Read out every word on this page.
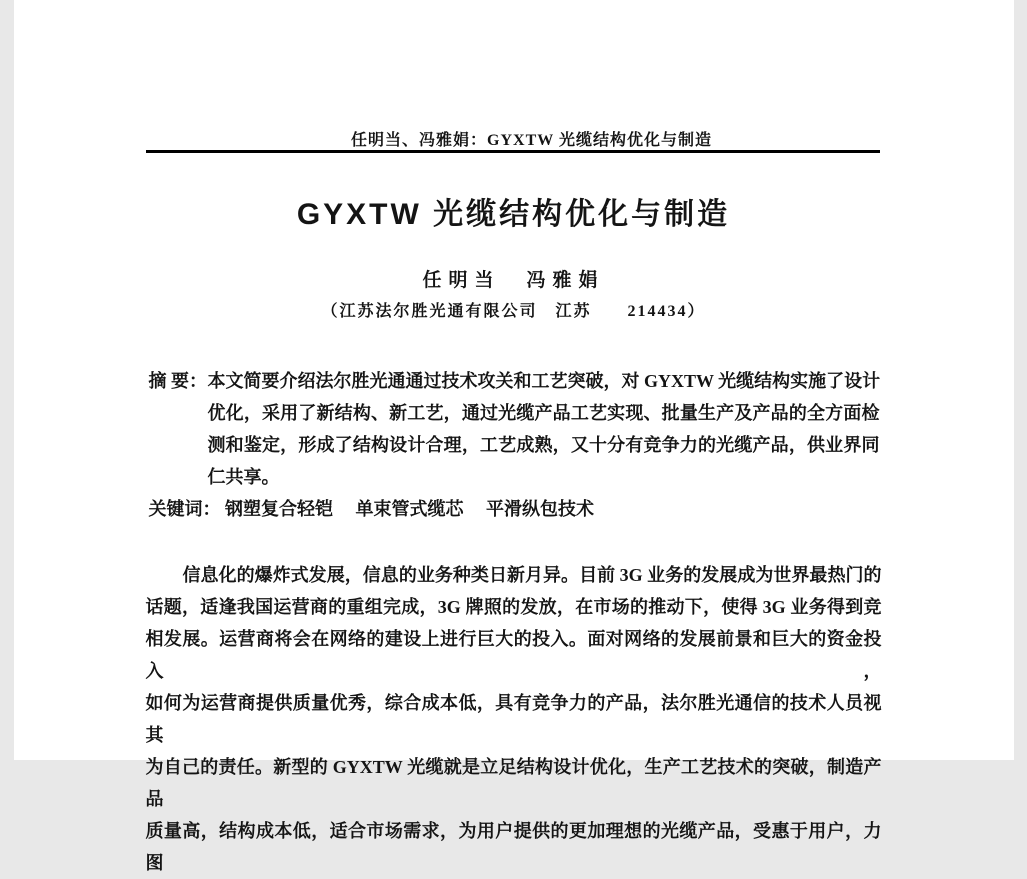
任明当、冯雅娟：GYXTW 光缆结构优化与制造
GYXTW 光缆结构优化与制造
任明当　冯雅娟
（江苏法尔胜光通有限公司　江苏　　214434）
摘 要： 本文简要介绍法尔胜光通通过技术攻关和工艺突破，对 GYXTW 光缆结构实施了设计
优化，采用了新结构、新工艺，通过光缆产品工艺实现、批量生产及产品的全方面检
测和鉴定，形成了结构设计合理，工艺成熟，又十分有竞争力的光缆产品，供业界同
仁共享。
关键词： 钢塑复合轻铠 单束管式缆芯 平滑纵包技术
信息化的爆炸式发展，信息的业务种类日新月异。目前 3G 业务的发展成为世界最热门的
话题，适逢我国运营商的重组完成，3G 牌照的发放，在市场的推动下，使得 3G 业务得到竞
相发展。运营商将会在网络的建设上进行巨大的投入。面对网络的发展前景和巨大的资金投入，
如何为运营商提供质量优秀，综合成本低，具有竞争力的产品，法尔胜光通信的技术人员视其
为自己的责任。新型的 GYXTW 光缆就是立足结构设计优化，生产工艺技术的突破，制造产品
质量高，结构成本低，适合市场需求，为用户提供的更加理想的光缆产品，受惠于用户，力图
